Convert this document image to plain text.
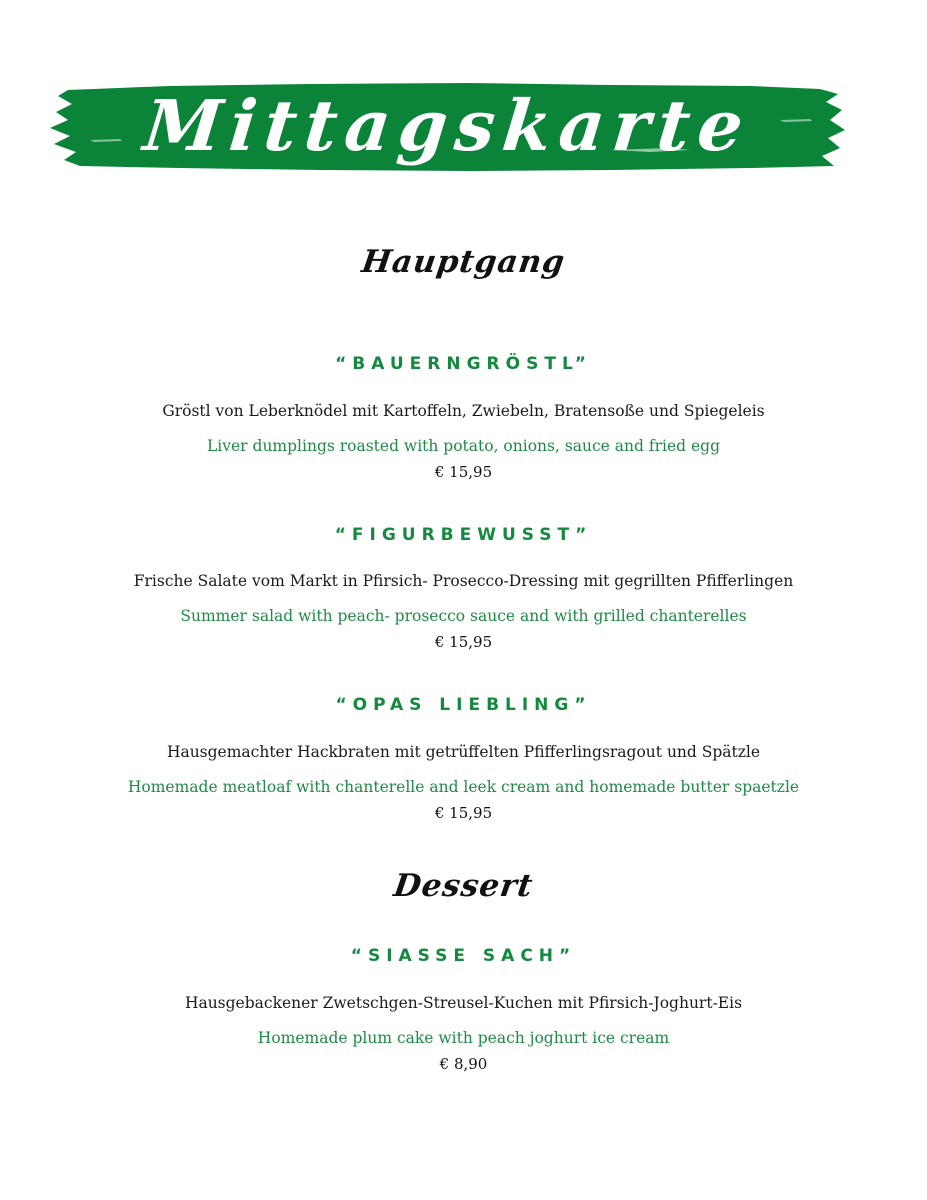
Mittagskarte
Hauptgang
“BAUERNGRÖSTL”
Gröstl von Leberknödel mit Kartoffeln, Zwiebeln, Bratensoße und Spiegeleis
Liver dumplings roasted with potato, onions, sauce and fried egg
€ 15,95
“FIGURBEWUSST”
Frische Salate vom Markt in Pfirsich- Prosecco-Dressing mit gegrillten Pfifferlingen
Summer salad with peach- prosecco sauce and with grilled chanterelles
€ 15,95
“OPAS LIEBLING”
Hausgemachter Hackbraten mit getrüffelten Pfifferlingsragout und Spätzle
Homemade meatloaf with chanterelle and leek cream and homemade butter spaetzle
€ 15,95
Dessert
“SIASSE SACH”
Hausgebackener Zwetschgen-Streusel-Kuchen mit Pfirsich-Joghurt-Eis
Homemade plum cake with peach joghurt ice cream
€ 8,90
